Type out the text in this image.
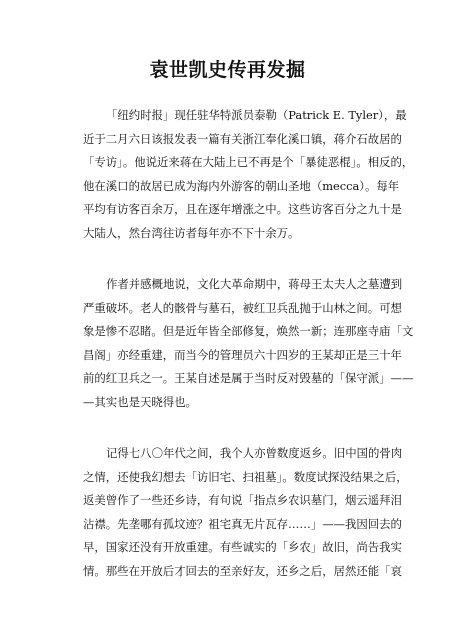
袁世凯史传再发掘

「纽约时报」现任驻华特派员泰勒（Patrick E. Tyler），最
近于二月六日该报发表一篇有关浙江奉化溪口镇，蒋介石故居的
「专访」。他说近来蒋在大陆上已不再是个「暴徒恶棍」。相反的，
他在溪口的故居已成为海内外游客的朝山圣地（mecca）。每年
平均有访客百余万，且在逐年增涨之中。这些访客百分之九十是
大陆人，然台湾往访者每年亦不下十余万。

作者并感概地说，文化大革命期中，蒋母王太夫人之墓遭到
严重破坏。老人的骸骨与墓石，被红卫兵乱抛于山林之间。可想
象是惨不忍睹。但是近年皆全部修复，焕然一新；连那座寺庙「文
昌阁」亦经重建，而当今的管理员六十四岁的王某却正是三十年
前的红卫兵之一。王某自述是属于当时反对毁墓的「保守派」——
—其实也是天晓得也。

记得七八〇年代之间，我个人亦曾数度返乡。旧中国的骨肉
之情，还使我幻想去「访旧宅、扫祖墓」。数度试探没结果之后，
返美曾作了一些还乡诗，有句说「指点乡农识墓门，烟云遥拜泪
沾襟。先垄哪有孤坟迹？祖宅真无片瓦存……」——我因回去的
早，国家还没有开放重建。有些诚实的「乡农」故旧，尚告我实
情。那些在开放后才回去的至亲好友，还乡之后，居然还能「哀
